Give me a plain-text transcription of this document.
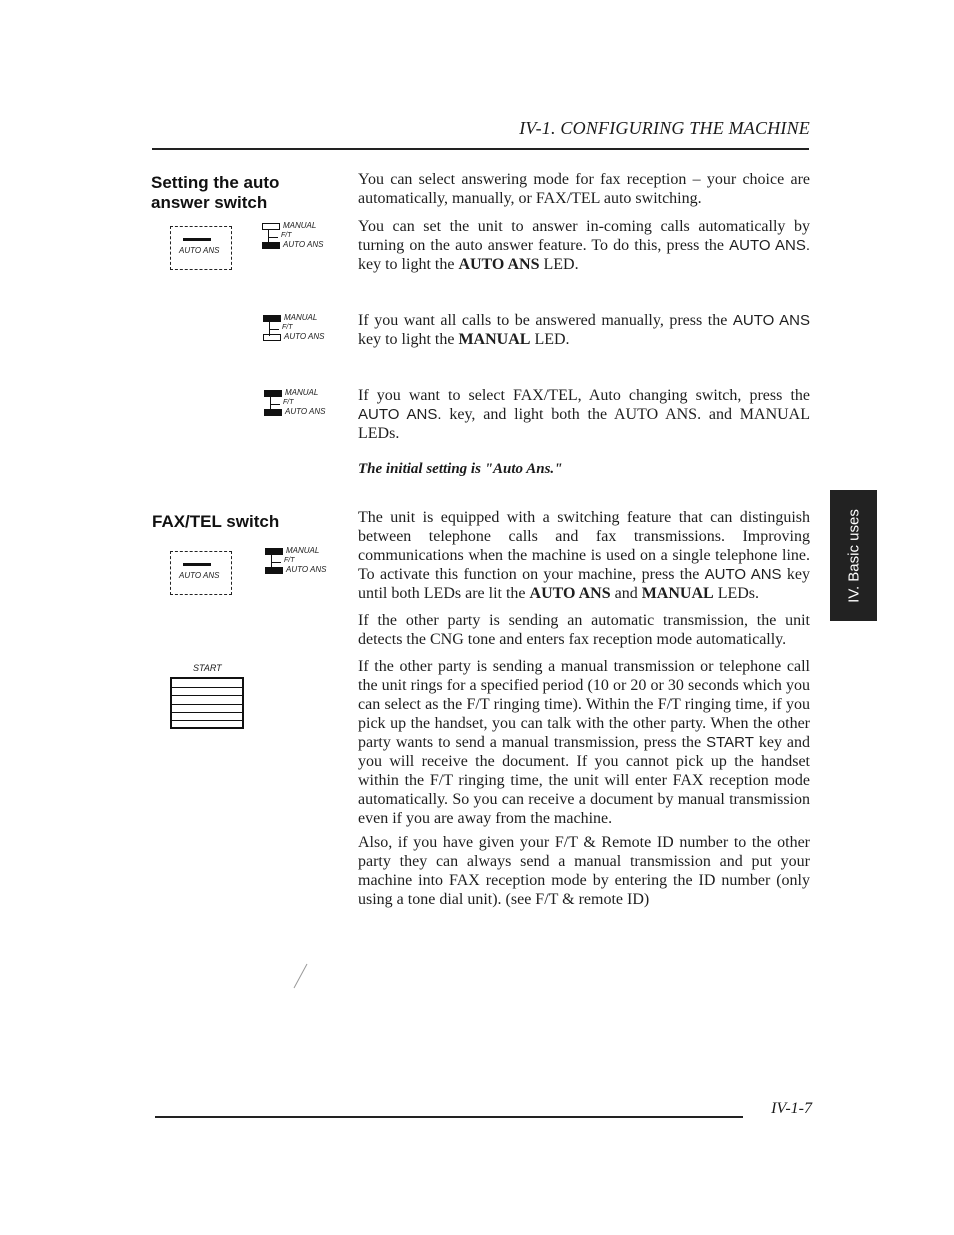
IV-1. CONFIGURING THE MACHINE
Setting the auto
answer switch
AUTO ANS
MANUAL
F/T
AUTO ANS
You can select answering mode for fax reception – your choice are automatically, manually, or FAX/TEL auto switching.
You can set the unit to answer in-coming calls automatically by turning on the auto answer feature. To do this, press the AUTO ANS. key to light the AUTO ANS LED.
MANUAL
F/T
AUTO ANS
If you want all calls to be answered manually, press the AUTO ANS key to light the MANUAL LED.
MANUAL
F/T
AUTO ANS
If you want to select FAX/TEL, Auto changing switch, press the AUTO ANS. key, and light both the AUTO ANS. and MANUAL LEDs.
The initial setting is "Auto Ans."
FAX/TEL switch
AUTO ANS
MANUAL
F/T
AUTO ANS
The unit is equipped with a switching feature that can distinguish between telephone calls and fax transmissions. Improving communications when the machine is used on a single telephone line. To activate this function on your machine, press the AUTO ANS key until both LEDs are lit the AUTO ANS and MANUAL LEDs.
If the other party is sending an automatic transmission, the unit detects the CNG tone and enters fax reception mode automatically.
START	If the other party is sending a manual transmission or telephone call the unit rings for a specified period (10 or 20 or 30 seconds which you can select as the F/T ringing time). Within the F/T ringing time, if you pick up the handset, you can talk with the other party. When the other party wants to send a manual transmission, press the START key and you will receive the document. If you cannot pick up the handset within the F/T ringing time, the unit will enter FAX reception mode automatically. So you can receive a document by manual transmission even if you are away from the machine.
Also, if you have given your F/T & Remote ID number to the other party they can always send a manual transmission and put your machine into FAX reception mode by entering the ID number (only using a tone dial unit). (see F/T & remote ID)
IV. Basic uses
IV-1-7
